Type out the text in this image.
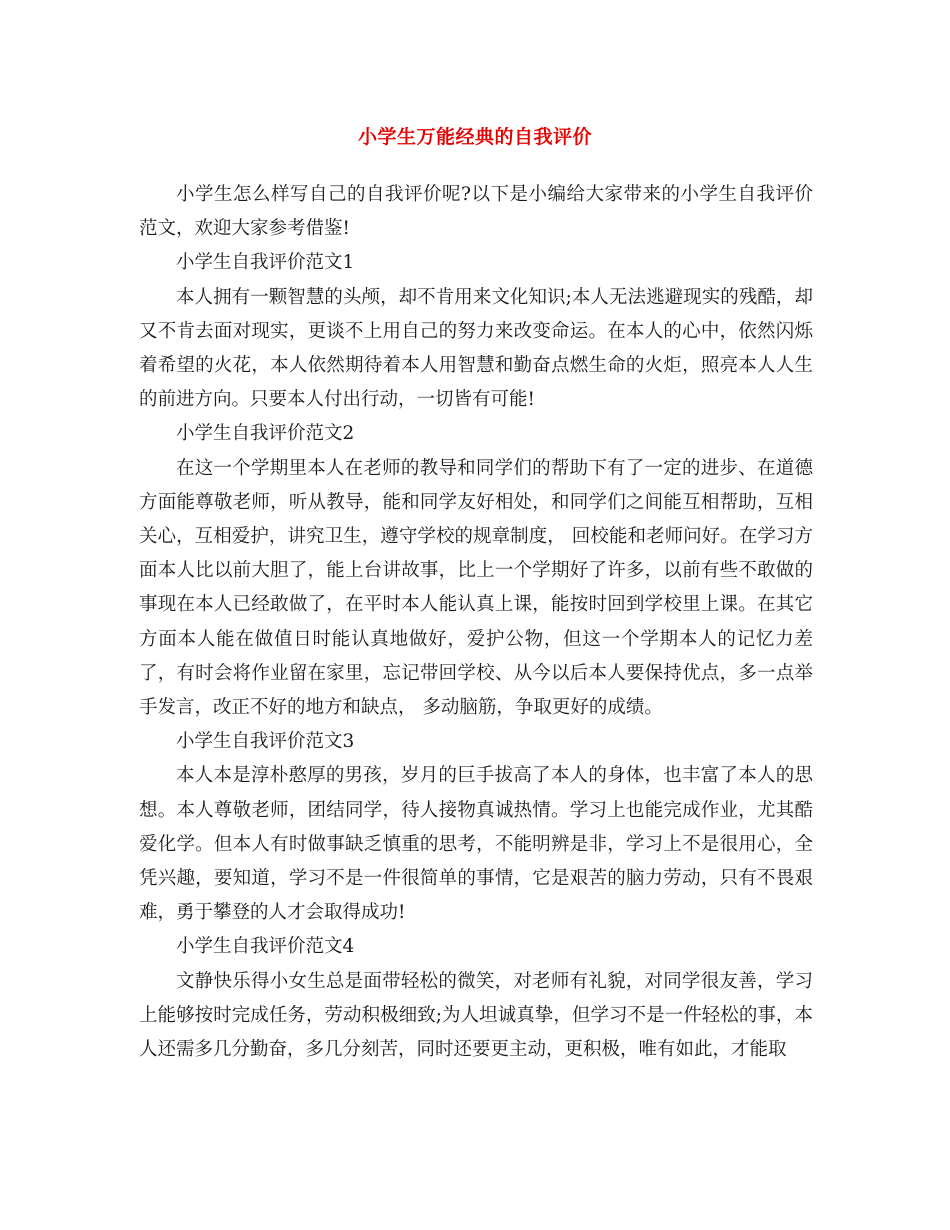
小学生万能经典的自我评价

小学生怎么样写自己的自我评价呢?以下是小编给大家带来的小学生自我评价范文，欢迎大家参考借鉴!

小学生自我评价范文1

本人拥有一颗智慧的头颅，却不肯用来文化知识;本人无法逃避现实的残酷，却又不肯去面对现实，更谈不上用自己的努力来改变命运。在本人的心中，依然闪烁着希望的火花，本人依然期待着本人用智慧和勤奋点燃生命的火炬，照亮本人人生的前进方向。只要本人付出行动，一切皆有可能!

小学生自我评价范文2

在这一个学期里本人在老师的教导和同学们的帮助下有了一定的进步、在道德方面能尊敬老师，听从教导，能和同学友好相处，和同学们之间能互相帮助，互相关心，互相爱护，讲究卫生，遵守学校的规章制度， 回校能和老师问好。在学习方面本人比以前大胆了，能上台讲故事，比上一个学期好了许多，以前有些不敢做的事现在本人已经敢做了，在平时本人能认真上课，能按时回到学校里上课。在其它方面本人能在做值日时能认真地做好，爱护公物，但这一个学期本人的记忆力差了，有时会将作业留在家里，忘记带回学校、从今以后本人要保持优点，多一点举手发言，改正不好的地方和缺点， 多动脑筋，争取更好的成绩。

小学生自我评价范文3

本人本是淳朴憨厚的男孩，岁月的巨手拔高了本人的身体，也丰富了本人的思想。本人尊敬老师，团结同学，待人接物真诚热情。学习上也能完成作业，尤其酷爱化学。但本人有时做事缺乏慎重的思考，不能明辨是非，学习上不是很用心，全凭兴趣，要知道，学习不是一件很简单的事情，它是艰苦的脑力劳动，只有不畏艰难，勇于攀登的人才会取得成功!

小学生自我评价范文4

文静快乐得小女生总是面带轻松的微笑，对老师有礼貌，对同学很友善，学习上能够按时完成任务，劳动积极细致;为人坦诚真挚，但学习不是一件轻松的事，本人还需多几分勤奋，多几分刻苦，同时还要更主动，更积极，唯有如此，才能取
